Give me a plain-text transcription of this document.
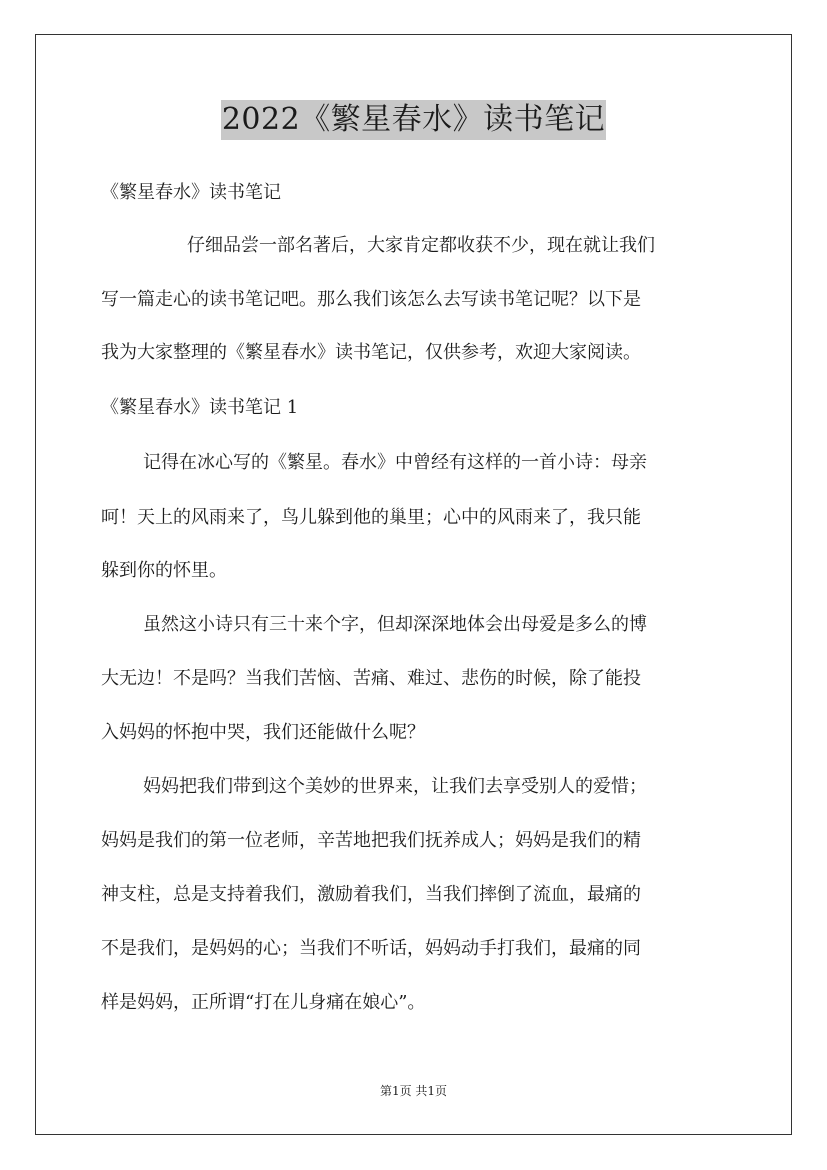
2022《繁星春水》读书笔记
《繁星春水》读书笔记
仔细品尝一部名著后，大家肯定都收获不少，现在就让我们
写一篇走心的读书笔记吧。那么我们该怎么去写读书笔记呢？以下是
我为大家整理的《繁星春水》读书笔记，仅供参考，欢迎大家阅读。
《繁星春水》读书笔记 1
记得在冰心写的《繁星。春水》中曾经有这样的一首小诗：母亲
呵！天上的风雨来了，鸟儿躲到他的巢里；心中的风雨来了，我只能
躲到你的怀里。
虽然这小诗只有三十来个字，但却深深地体会出母爱是多么的博
大无边！不是吗？当我们苦恼、苦痛、难过、悲伤的时候，除了能投
入妈妈的怀抱中哭，我们还能做什么呢？
妈妈把我们带到这个美妙的世界来，让我们去享受别人的爱惜；
妈妈是我们的第一位老师，辛苦地把我们抚养成人；妈妈是我们的精
神支柱，总是支持着我们，激励着我们，当我们摔倒了流血，最痛的
不是我们，是妈妈的心；当我们不听话，妈妈动手打我们，最痛的同
样是妈妈，正所谓“打在儿身痛在娘心”。
第1页 共1页
